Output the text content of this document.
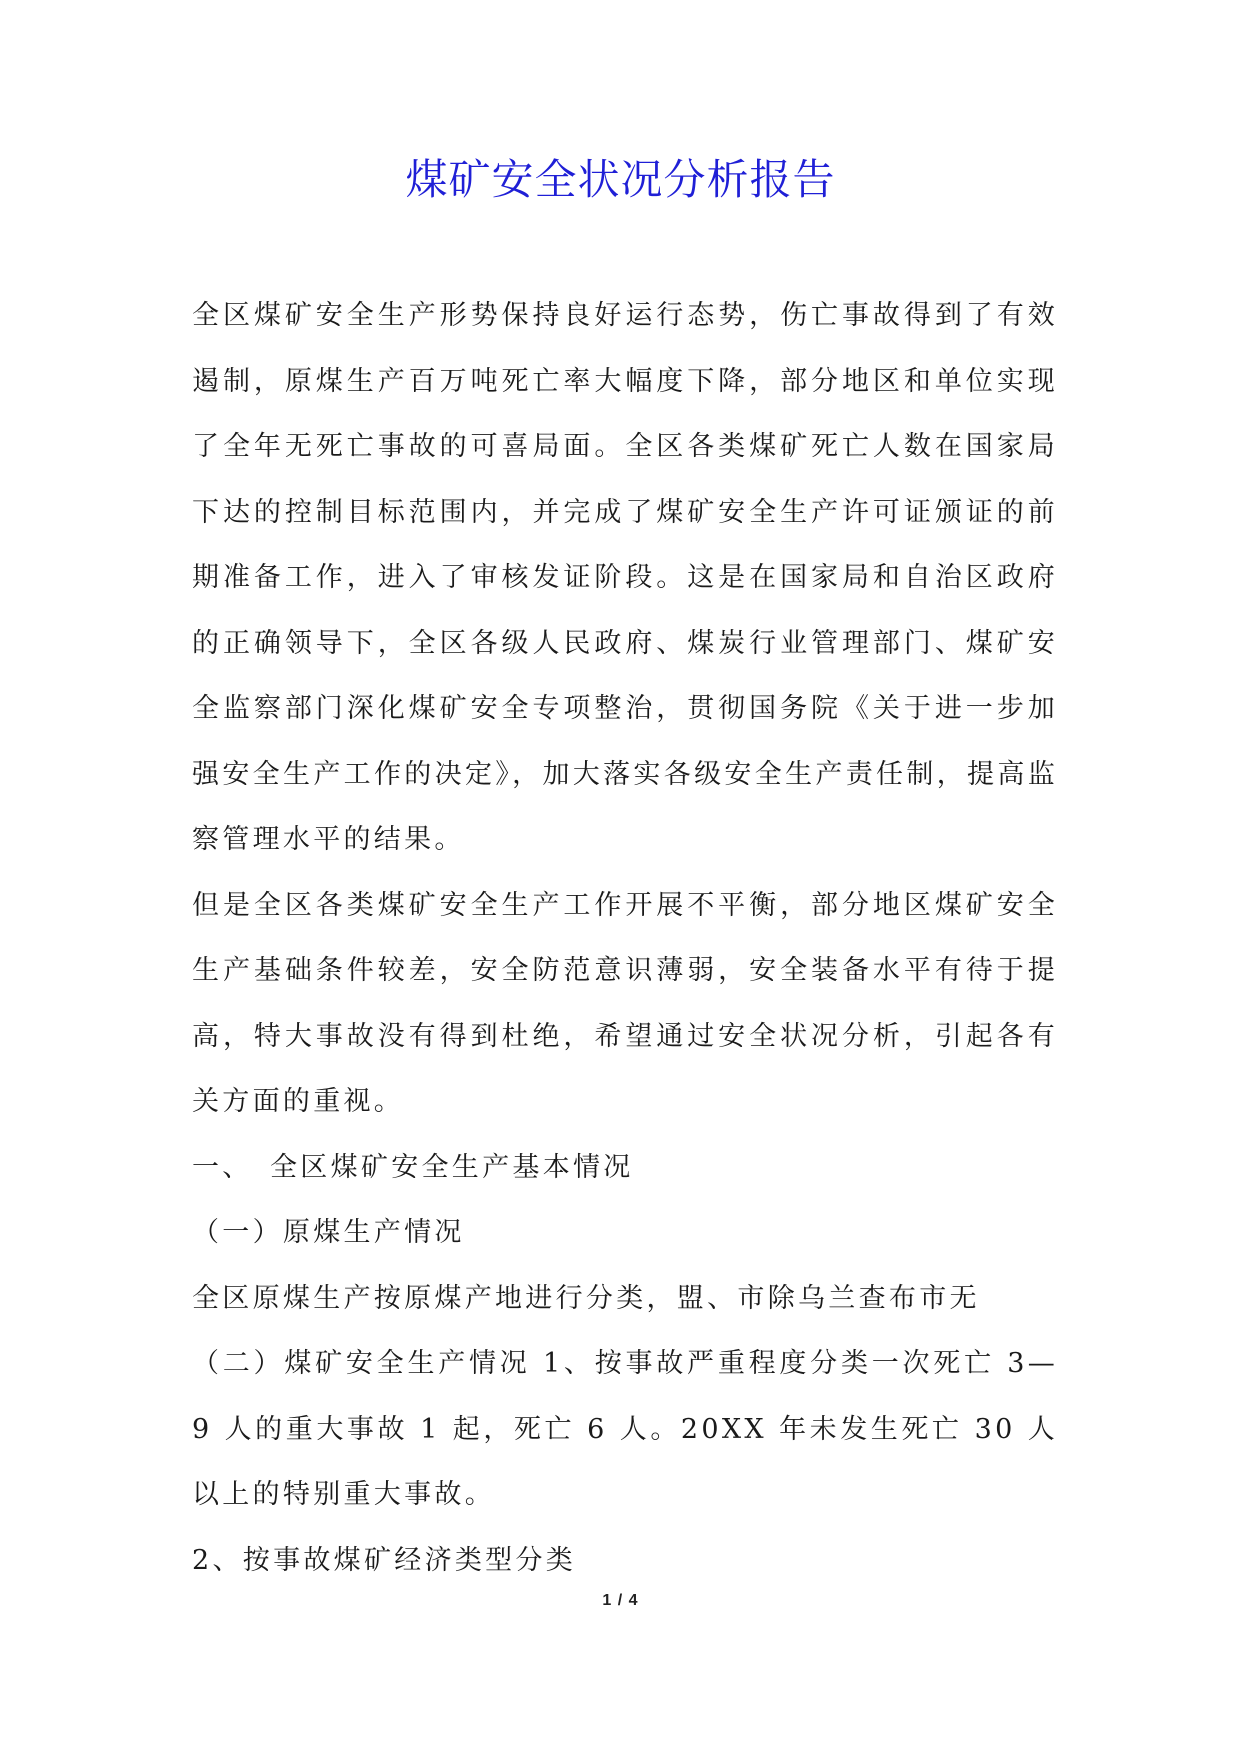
煤矿安全状况分析报告

全区煤矿安全生产形势保持良好运行态势，伤亡事故得到了有效遏制，原煤生产百万吨死亡率大幅度下降，部分地区和单位实现了全年无死亡事故的可喜局面。全区各类煤矿死亡人数在国家局下达的控制目标范围内，并完成了煤矿安全生产许可证颁证的前期准备工作，进入了审核发证阶段。这是在国家局和自治区政府的正确领导下，全区各级人民政府、煤炭行业管理部门、煤矿安全监察部门深化煤矿安全专项整治，贯彻国务院《关于进一步加强安全生产工作的决定》，加大落实各级安全生产责任制，提高监察管理水平的结果。

但是全区各类煤矿安全生产工作开展不平衡，部分地区煤矿安全生产基础条件较差，安全防范意识薄弱，安全装备水平有待于提高，特大事故没有得到杜绝，希望通过安全状况分析，引起各有关方面的重视。

一、 全区煤矿安全生产基本情况

（一）原煤生产情况

全区原煤生产按原煤产地进行分类，盟、市除乌兰查布市无

（二）煤矿安全生产情况 1、按事故严重程度分类一次死亡 3—9 人的重大事故 1 起，死亡 6 人。20XX 年未发生死亡 30 人以上的特别重大事故。

2、按事故煤矿经济类型分类

1 / 4
